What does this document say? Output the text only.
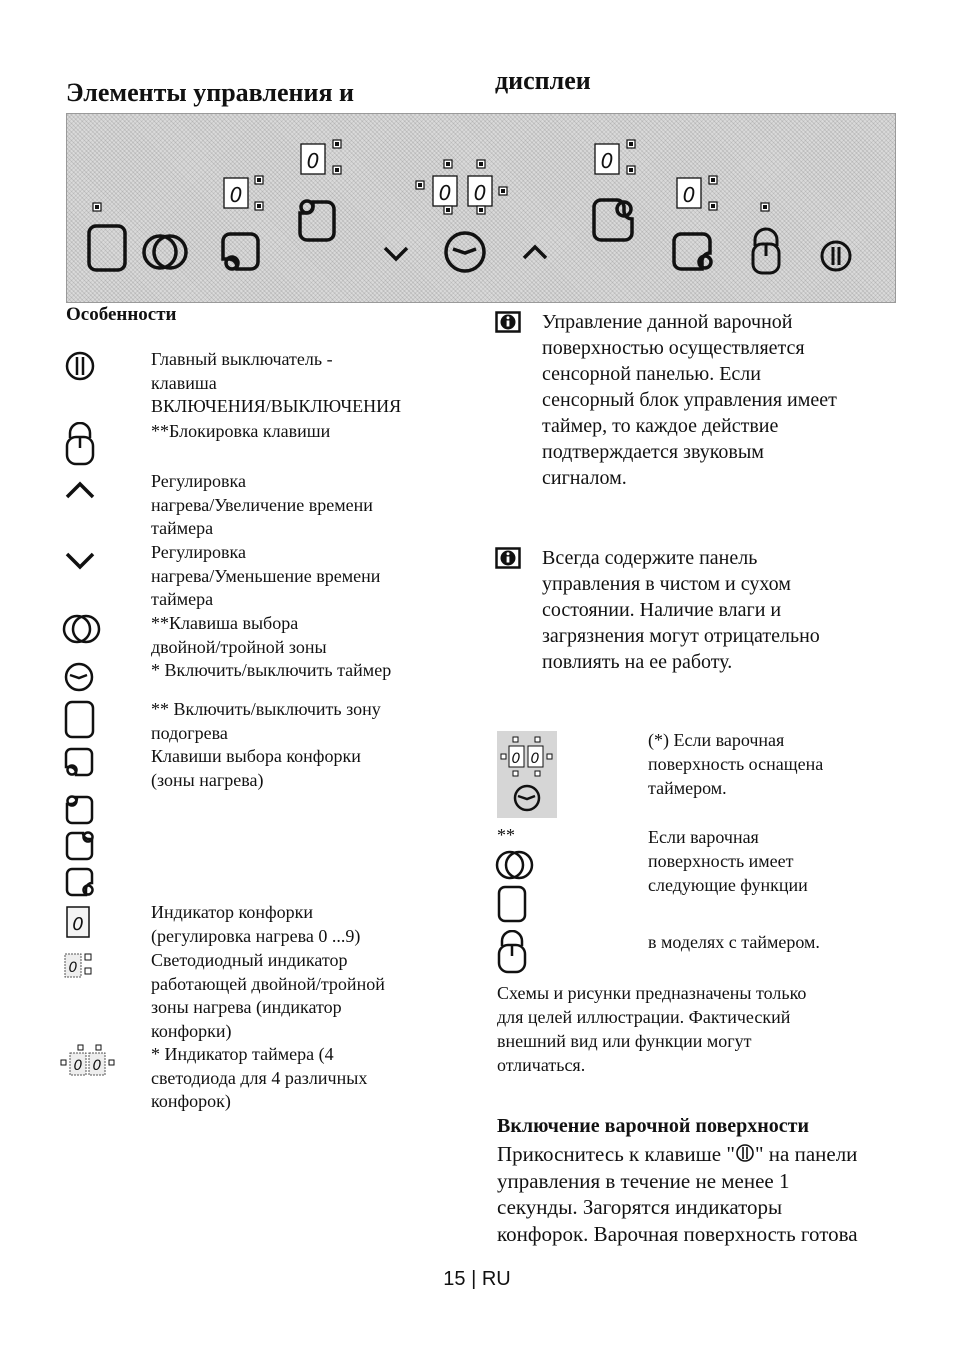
Элементы управления и	дисплеи
0
0
0 0
0
0
Особенности
0
0
0 0
Главный выключатель -
клавиша
ВКЛЮЧЕНИЯ/ВЫКЛЮЧЕНИЯ
**Блокировка клавиши
Регулировка
нагрева/Увеличение времени
таймера
Регулировка
нагрева/Уменьшение времени
таймера
**Клавиша выбора
двойной/тройной зоны
* Включить/выключить таймер
** Включить/выключить зону
подогрева
Клавиши выбора конфорки
(зоны нагрева)
Индикатор конфорки
(регулировка нагрева 0 ...9)
Светодиодный индикатор
работающей двойной/тройной
зоны нагрева (индикатор
конфорки)
* Индикатор таймера (4
светодиода для 4 различных
конфорок)
Управление данной варочной
поверхностью осуществляется
сенсорной панелью. Если
сенсорный блок управления имеет
таймер, то каждое действие
подтверждается звуковым
сигналом.
Всегда содержите панель
управления в чистом и сухом
состоянии. Наличие влаги и
загрязнения могут отрицательно
повлиять на ее работу.
0 0
(*) Если варочная
поверхность оснащена
таймером.
**	Если варочная
поверхность имеет
следующие функции
в моделях с таймером.
Схемы и рисунки предназначены только
для целей иллюстрации. Фактический
внешний вид или функции могут
отличаться.
Включение варочной поверхности
Прикоснитесь к клавише " " на панели
управления в течение не менее 1
секунды. Загорятся индикаторы
конфорок. Варочная поверхность готова
15 | RU
